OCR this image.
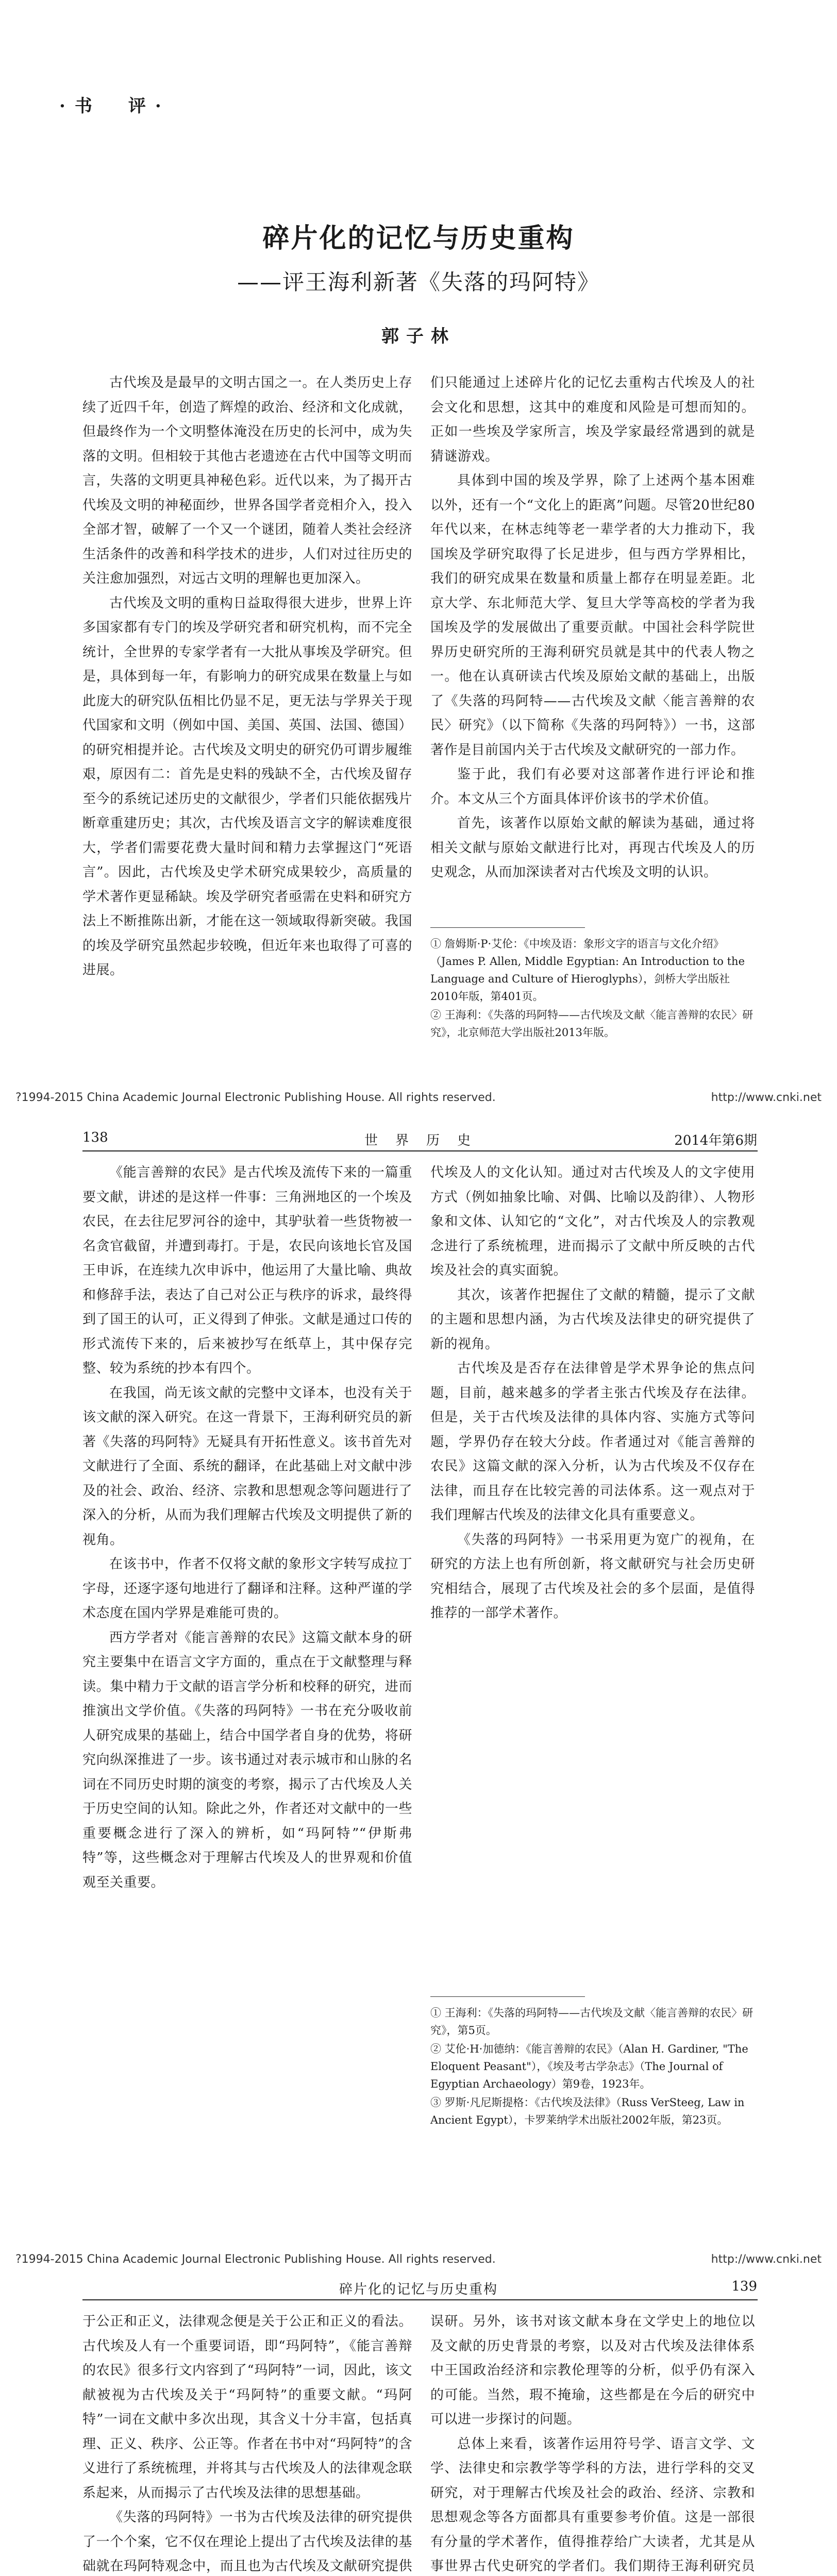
·书　评·
碎片化的记忆与历史重构
——评王海利新著《失落的玛阿特》
郭子林

古代埃及是最早的文明古国之一。在人类历史上存续了近四千年，创造了辉煌的政治、经济和文化成就，但最终作为一个文明整体淹没在历史的长河中，成为失落的文明。但相较于其他古老遗迹在古代中国等文明而言，失落的文明更具神秘色彩。近代以来，为了揭开古代埃及文明的神秘面纱，世界各国学者竞相介入，投入全部才智，破解了一个又一个谜团，随着人类社会经济生活条件的改善和科学技术的进步，人们对过往历史的关注愈加强烈，对远古文明的理解也更加深入。

古代埃及文明的重构日益取得很大进步，世界上许多国家都有专门的埃及学研究者和研究机构，而不完全统计，全世界的专家学者有一大批从事埃及学研究。但是，具体到每一年，有影响力的研究成果在数量上与如此庞大的研究队伍相比仍显不足，更无法与学界关于现代国家和文明（例如中国、美国、英国、法国、德国）的研究相提并论。古代埃及文明史的研究仍可谓步履维艰，原因有二：首先是史料的残缺不全，古代埃及留存至今的系统记述历史的文献很少，学者们只能依据残片断章重建历史；其次，古代埃及语言文字的解读难度很大，学者们需要花费大量时间和精力去掌握这门“死语言”。因此，古代埃及史学术研究成果较少，高质量的学术著作更显稀缺。埃及学研究者亟需在史料和研究方法上不断推陈出新，才能在这一领域取得新突破。我国的埃及学研究虽然起步较晚，但近年来也取得了可喜的进展。

们只能通过上述碎片化的记忆去重构古代埃及人的社会文化和思想，这其中的难度和风险是可想而知的。正如一些埃及学家所言，埃及学家最经常遇到的就是猜谜游戏。

具体到中国的埃及学界，除了上述两个基本困难以外，还有一个“文化上的距离”问题。尽管20世纪80年代以来，在林志纯等老一辈学者的大力推动下，我国埃及学研究取得了长足进步，但与西方学界相比，我们的研究成果在数量和质量上都存在明显差距。北京大学、东北师范大学、复旦大学等高校的学者为我国埃及学的发展做出了重要贡献。中国社会科学院世界历史研究所的王海利研究员就是其中的代表人物之一。他在认真研读古代埃及原始文献的基础上，出版了《失落的玛阿特——古代埃及文献〈能言善辩的农民〉研究》（以下简称《失落的玛阿特》）一书，这部著作是目前国内关于古代埃及文献研究的一部力作。

鉴于此，我们有必要对这部著作进行评论和推介。本文从三个方面具体评价该书的学术价值。

首先，该著作以原始文献的解读为基础，通过将相关文献与原始文献进行比对，再现古代埃及人的历史观念，从而加深读者对古代埃及文明的认识。

① 詹姆斯·P·艾伦：《中埃及语：象形文字的语言与文化介绍》（James P. Allen, Middle Egyptian: An Introduction to the Language and Culture of Hieroglyphs），剑桥大学出版社2010年版，第401页。
② 王海利：《失落的玛阿特——古代埃及文献〈能言善辩的农民〉研究》，北京师范大学出版社2013年版。
?1994-2015 China Academic Journal Electronic Publishing House. All rights reserved.	http://www.cnki.net
138	世　界　历　史	2014年第6期

《能言善辩的农民》是古代埃及流传下来的一篇重要文献，讲述的是这样一件事：三角洲地区的一个埃及农民，在去往尼罗河谷的途中，其驴驮着一些货物被一名贪官截留，并遭到毒打。于是，农民向该地长官及国王申诉，在连续九次申诉中，他运用了大量比喻、典故和修辞手法，表达了自己对公正与秩序的诉求，最终得到了国王的认可，正义得到了伸张。文献是通过口传的形式流传下来的，后来被抄写在纸草上，其中保存完整、较为系统的抄本有四个。

在我国，尚无该文献的完整中文译本，也没有关于该文献的深入研究。在这一背景下，王海利研究员的新著《失落的玛阿特》无疑具有开拓性意义。该书首先对文献进行了全面、系统的翻译，在此基础上对文献中涉及的社会、政治、经济、宗教和思想观念等问题进行了深入的分析，从而为我们理解古代埃及文明提供了新的视角。

在该书中，作者不仅将文献的象形文字转写成拉丁字母，还逐字逐句地进行了翻译和注释。这种严谨的学术态度在国内学界是难能可贵的。

西方学者对《能言善辩的农民》这篇文献本身的研究主要集中在语言文字方面的，重点在于文献整理与释读。集中精力于文献的语言学分析和校释的研究，进而推演出文学价值。《失落的玛阿特》一书在充分吸收前人研究成果的基础上，结合中国学者自身的优势，将研究向纵深推进了一步。该书通过对表示城市和山脉的名词在不同历史时期的演变的考察，揭示了古代埃及人关于历史空间的认知。除此之外，作者还对文献中的一些重要概念进行了深入的辨析，如“玛阿特”“伊斯弗特”等，这些概念对于理解古代埃及人的世界观和价值观至关重要。

代埃及人的文化认知。通过对古代埃及人的文字使用方式（例如抽象比喻、对偶、比喻以及韵律）、人物形象和文体、认知它的“文化”，对古代埃及人的宗教观念进行了系统梳理，进而揭示了文献中所反映的古代埃及社会的真实面貌。

其次，该著作把握住了文献的精髓，提示了文献的主题和思想内涵，为古代埃及法律史的研究提供了新的视角。

古代埃及是否存在法律曾是学术界争论的焦点问题，目前，越来越多的学者主张古代埃及存在法律。但是，关于古代埃及法律的具体内容、实施方式等问题，学界仍存在较大分歧。作者通过对《能言善辩的农民》这篇文献的深入分析，认为古代埃及不仅存在法律，而且存在比较完善的司法体系。这一观点对于我们理解古代埃及的法律文化具有重要意义。

《失落的玛阿特》一书采用更为宽广的视角，在研究的方法上也有所创新，将文献研究与社会历史研究相结合，展现了古代埃及社会的多个层面，是值得推荐的一部学术著作。

① 王海利：《失落的玛阿特——古代埃及文献〈能言善辩的农民〉研究》，第5页。
② 艾伦·H·加德纳：《能言善辩的农民》（Alan H. Gardiner, "The Eloquent Peasant"），《埃及考古学杂志》（The Journal of Egyptian Archaeology）第9卷，1923年。
③ 罗斯·凡尼斯提格：《古代埃及法律》（Russ VerSteeg, Law in Ancient Egypt），卡罗莱纳学术出版社2002年版，第23页。
?1994-2015 China Academic Journal Electronic Publishing House. All rights reserved.	http://www.cnki.net
碎片化的记忆与历史重构	139

于公正和正义，法律观念便是关于公正和正义的看法。古代埃及人有一个重要词语，即“玛阿特”，《能言善辩的农民》很多行文内容到了“玛阿特”一词，因此，该文献被视为古代埃及关于“玛阿特”的重要文献。“玛阿特”一词在文献中多次出现，其含义十分丰富，包括真理、正义、秩序、公正等。作者在书中对“玛阿特”的含义进行了系统梳理，并将其与古代埃及人的法律观念联系起来，从而揭示了古代埃及法律的思想基础。

《失落的玛阿特》一书为古代埃及法律的研究提供了一个个案，它不仅在理论上提出了古代埃及法律的基础就在玛阿特观念中，而且也为古代埃及文献研究提供

误研。另外，该书对该文献本身在文学史上的地位以及文献的历史背景的考察，以及对古代埃及法律体系中王国政治经济和宗教伦理等的分析，似乎仍有深入的可能。当然，瑕不掩瑜，这些都是在今后的研究中可以进一步探讨的问题。

总体上来看，该著作运用符号学、语言文学、文学、法律史和宗教学等学科的方法，进行学科的交叉研究，对于理解古代埃及社会的政治、经济、宗教和思想观念等各方面都具有重要参考价值。这是一部很有分量的学术著作，值得推荐给广大读者，尤其是从事世界古代史研究的学者们。我们期待王海利研究员
